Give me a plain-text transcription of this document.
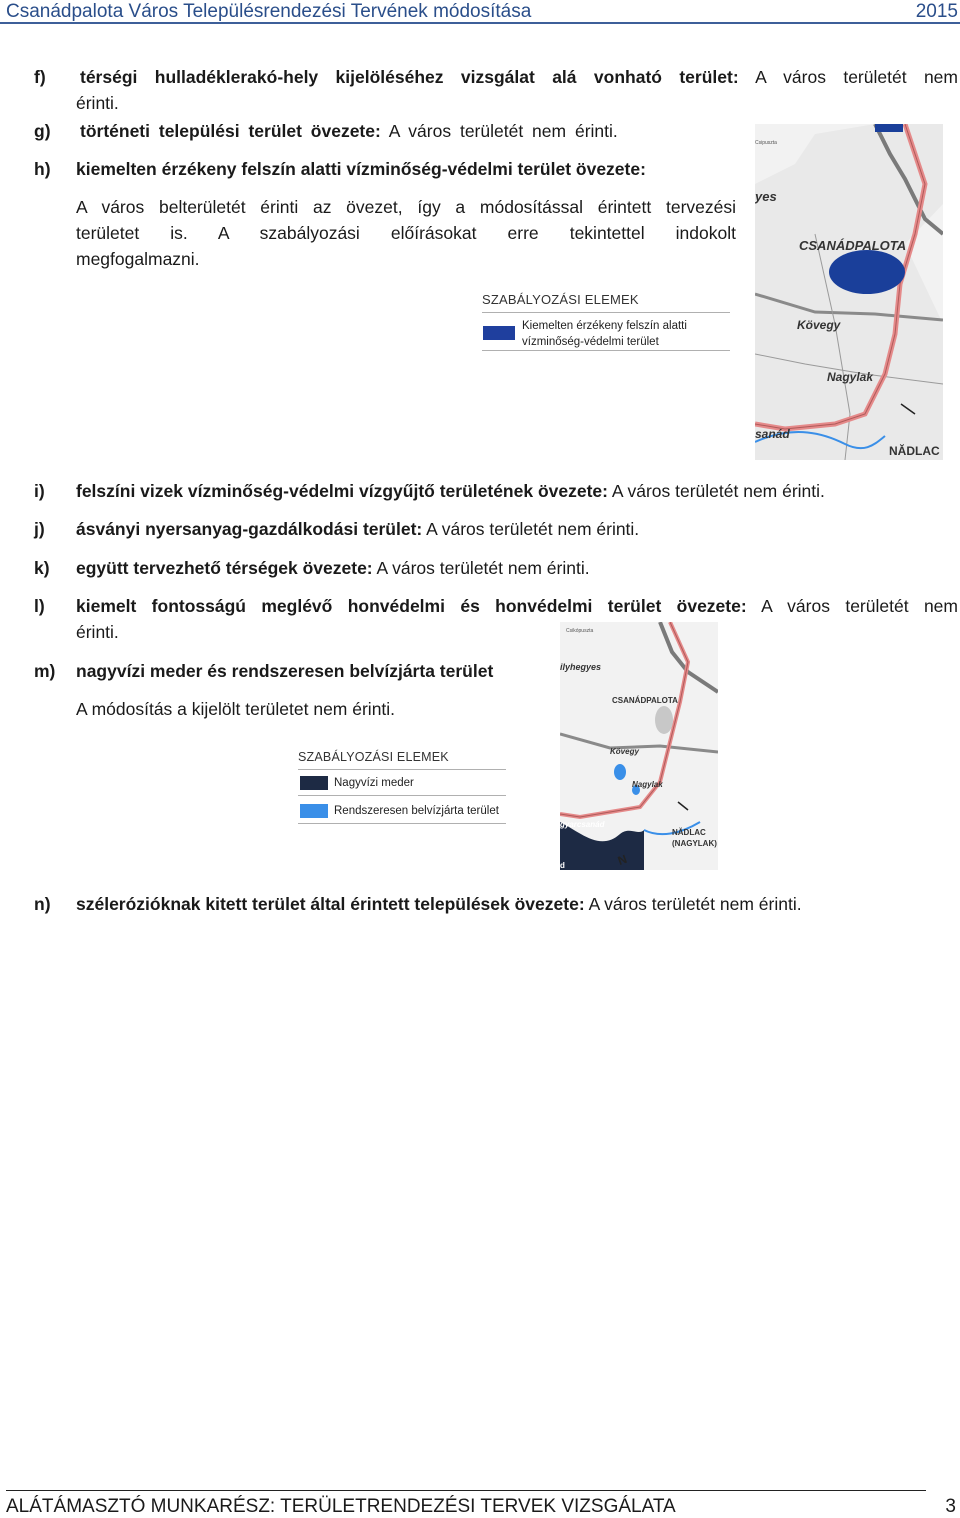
Csanádpalota Város Településrendezési Tervének módosítása	2015
f) térségi hulladéklerakó-hely kijelöléséhez vizsgálat alá vonható terület: A város területét nem
érinti.
g) történeti települési terület övezete: A város területét nem érinti.
h) kiemelten érzékeny felszín alatti vízminőség-védelmi terület övezete:
A város belterületét érinti az övezet, így a módosítással érintett tervezési
területet is. A szabályozási előírásokat erre tekintettel indokolt
megfogalmazni.
SZABÁLYOZÁSI ELEMEK
Kiemelten érzékeny felszín alatti
vízminőség-védelmi terület
yes
CSANÁDPALOTA
Kövegy
Nagylak
sanád
NĂDLAC
Csipuszta
i) felszíni vizek vízminőség-védelmi vízgyűjtő területének övezete: A város területét nem érinti.
j) ásványi nyersanyag-gazdálkodási terület: A város területét nem érinti.
k) együtt tervezhető térségek övezete: A város területét nem érinti.
l) kiemelt fontosságú meglévő honvédelmi és honvédelmi terület övezete: A város területét nem
érinti.
m) nagyvízi meder és rendszeresen belvízjárta terület
A módosítás a kijelölt területet nem érinti.
SZABÁLYOZÁSI ELEMEK
Nagyvízi meder
Rendszeresen belvízjárta terület
ilyhegyes
CSANÁDPALOTA
Kövegy
Nagylak
gyarcsanád
NĂDLAC
(NAGYLAK)
N
Csikópuszta
d
n) szélerózióknak kitett terület által érintett települések övezete: A város területét nem érinti.
ALÁTÁMASZTÓ MUNKARÉSZ: TERÜLETRENDEZÉSI TERVEK VIZSGÁLATA	3
